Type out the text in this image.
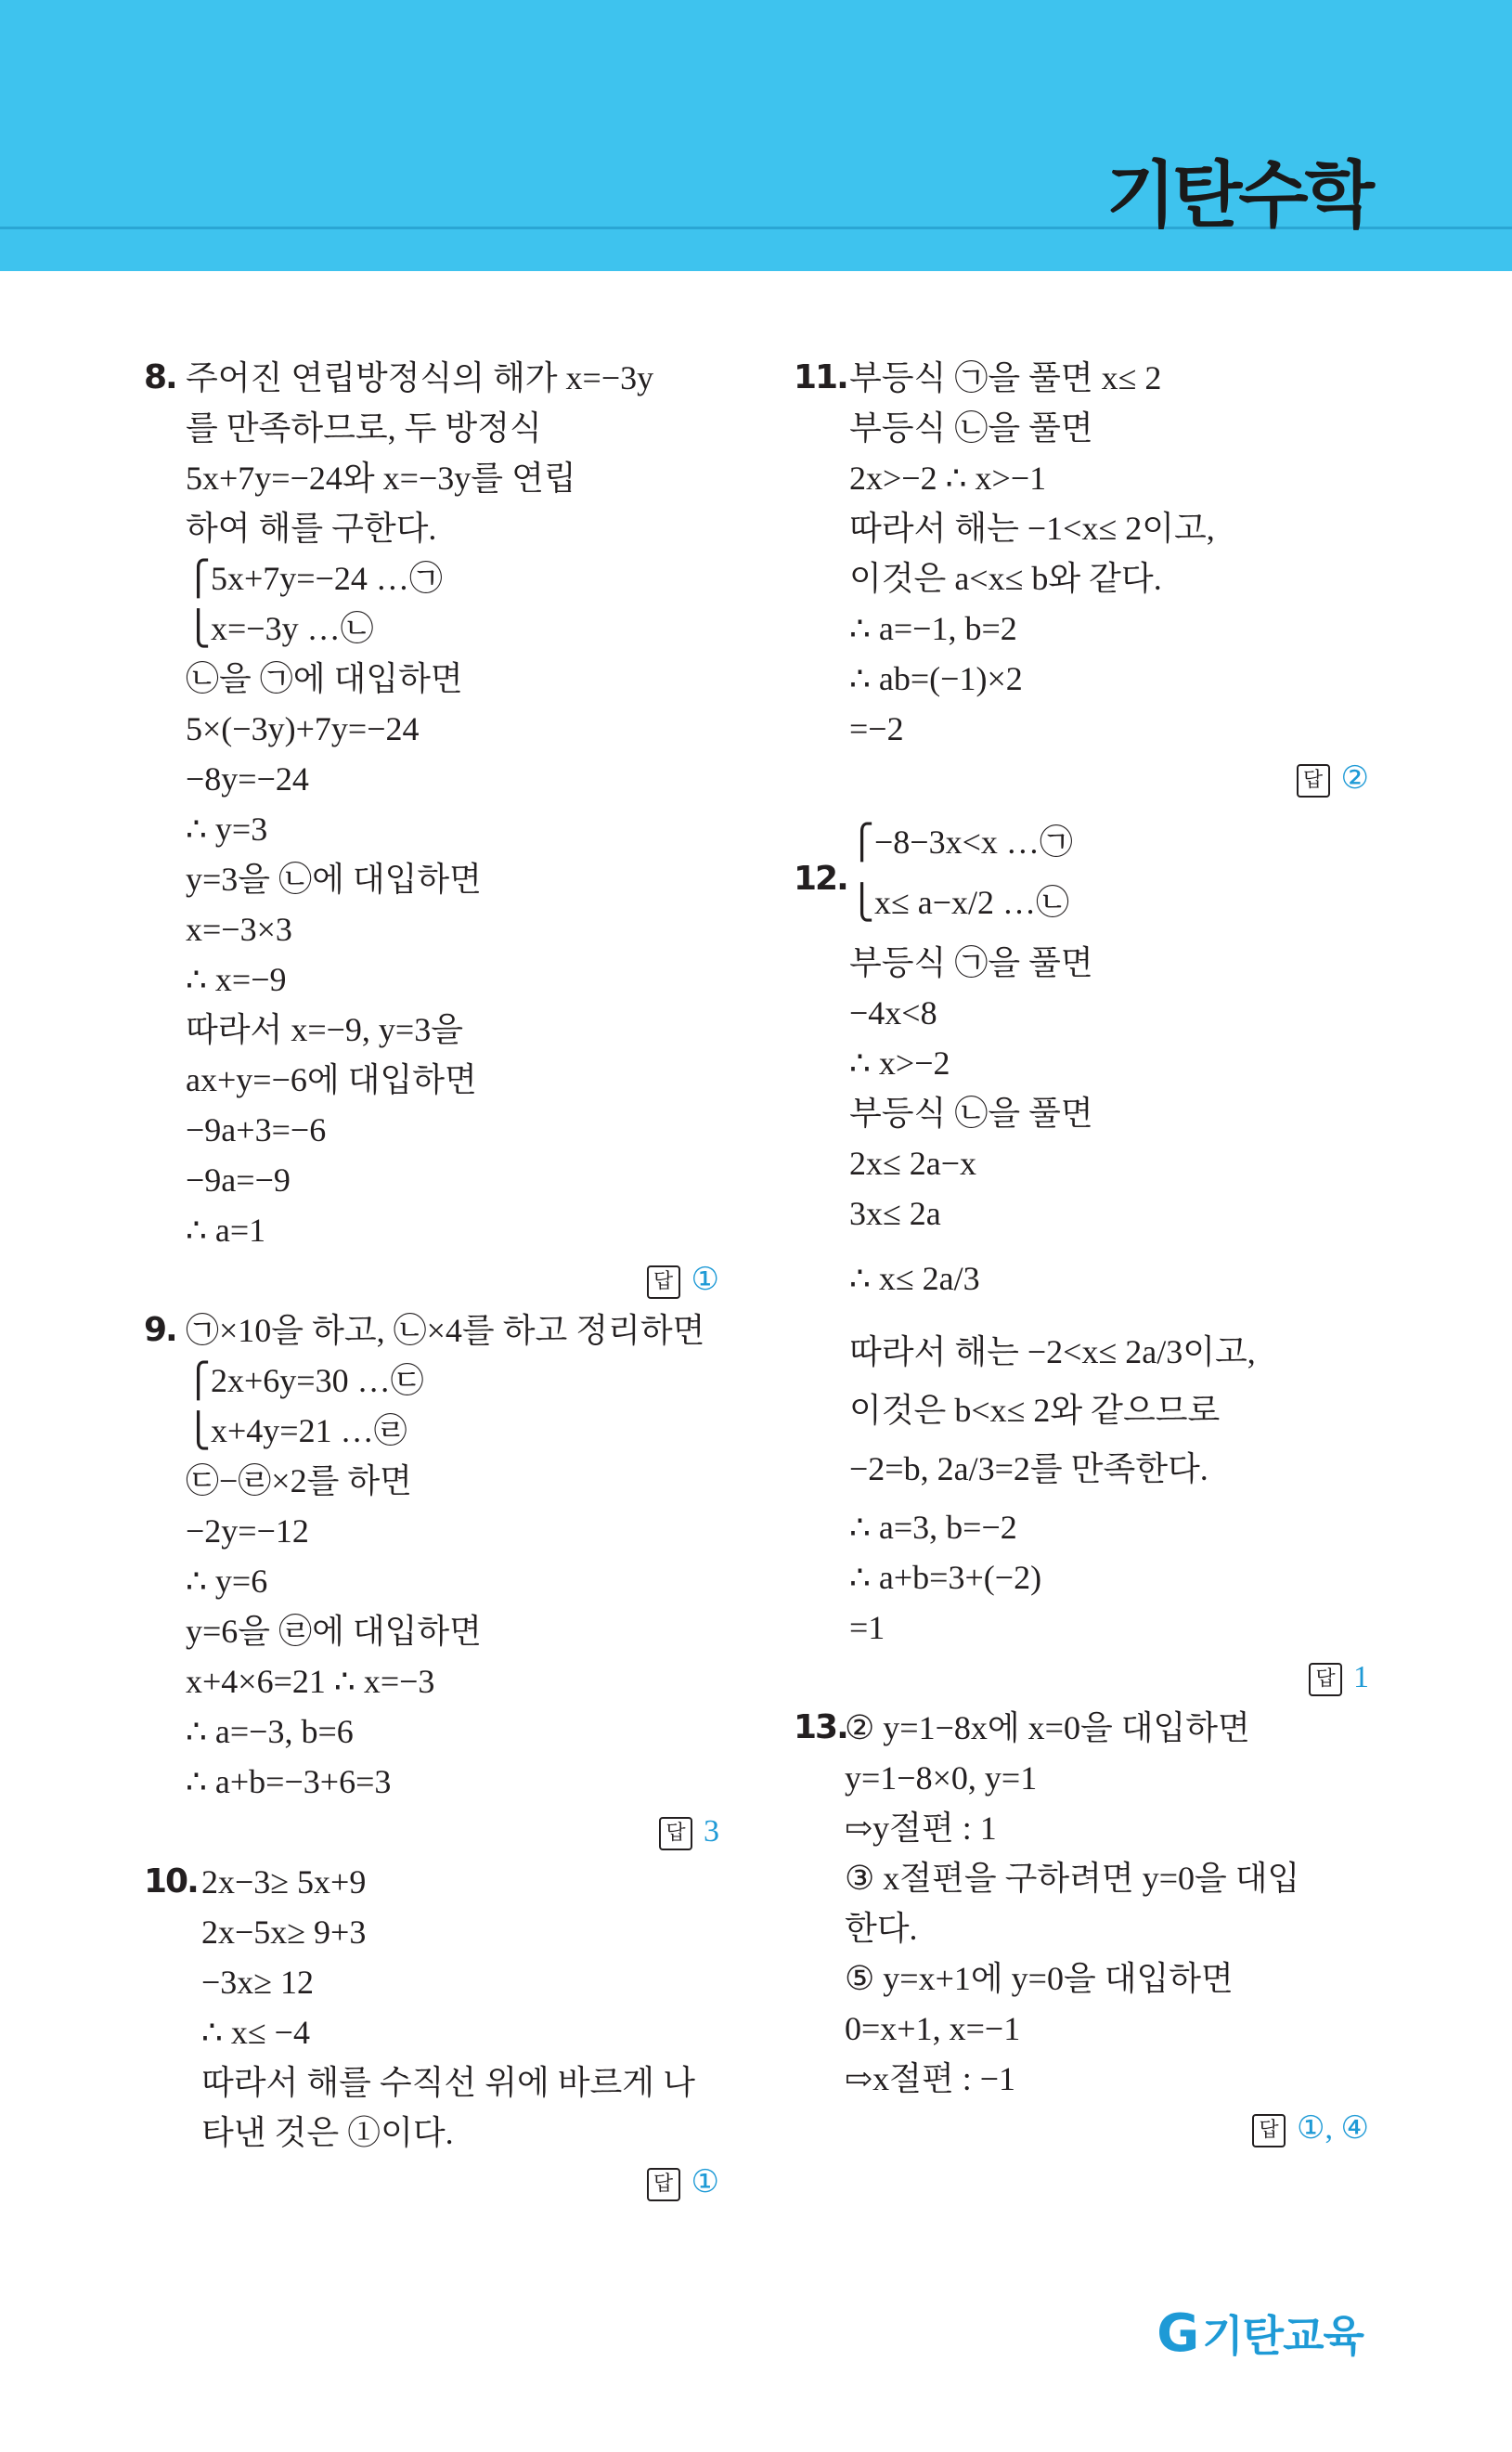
기탄수학
8. 주어진 연립방정식의 해가 x=−3y
를 만족하므로, 두 방정식
5x+7y=−24와 x=−3y를 연립
하여 해를 구한다.
⎧5x+7y=−24 …㉠
⎩x=−3y …㉡
㉡을 ㉠에 대입하면
5×(−3y)+7y=−24
−8y=−24
∴ y=3
y=3을 ㉡에 대입하면
x=−3×3
∴ x=−9
따라서 x=−9, y=3을
ax+y=−6에 대입하면
−9a+3=−6
−9a=−9
∴ a=1
답 ①
9. ㉠×10을 하고, ㉡×4를 하고 정리하면
⎧2x+6y=30 …㉢
⎩x+4y=21 …㉣
㉢−㉣×2를 하면
−2y=−12
∴ y=6
y=6을 ㉣에 대입하면
x+4×6=21 ∴ x=−3
∴ a=−3, b=6
∴ a+b=−3+6=3
답 3
10. 2x−3≥ 5x+9
2x−5x≥ 9+3
−3x≥ 12
∴ x≤ −4
따라서 해를 수직선 위에 바르게 나
타낸 것은 ①이다.
답 ①
11. 부등식 ㉠을 풀면 x≤ 2
부등식 ㉡을 풀면
2x>−2 ∴ x>−1
따라서 해는 −1<x≤ 2이고,
이것은 a<x≤ b와 같다.
∴ a=−1, b=2
∴ ab=(−1)×2
=−2
답 ②
12.
⎧−8−3x<x …㉠
⎩x≤ a−x/2 …㉡
부등식 ㉠을 풀면
−4x<8
∴ x>−2
부등식 ㉡을 풀면
2x≤ 2a−x
3x≤ 2a
∴ x≤ 2a/3
따라서 해는 −2<x≤ 2a/3이고,
이것은 b<x≤ 2와 같으므로
−2=b, 2a/3=2를 만족한다.
∴ a=3, b=−2
∴ a+b=3+(−2)
=1
답 1
13.
② y=1−8x에 x=0을 대입하면
y=1−8×0, y=1
⇨y절편 : 1
③ x절편을 구하려면 y=0을 대입
한다.
⑤ y=x+1에 y=0을 대입하면
0=x+1, x=−1
⇨x절편 : −1
답 ①, ④
G기탄교육
